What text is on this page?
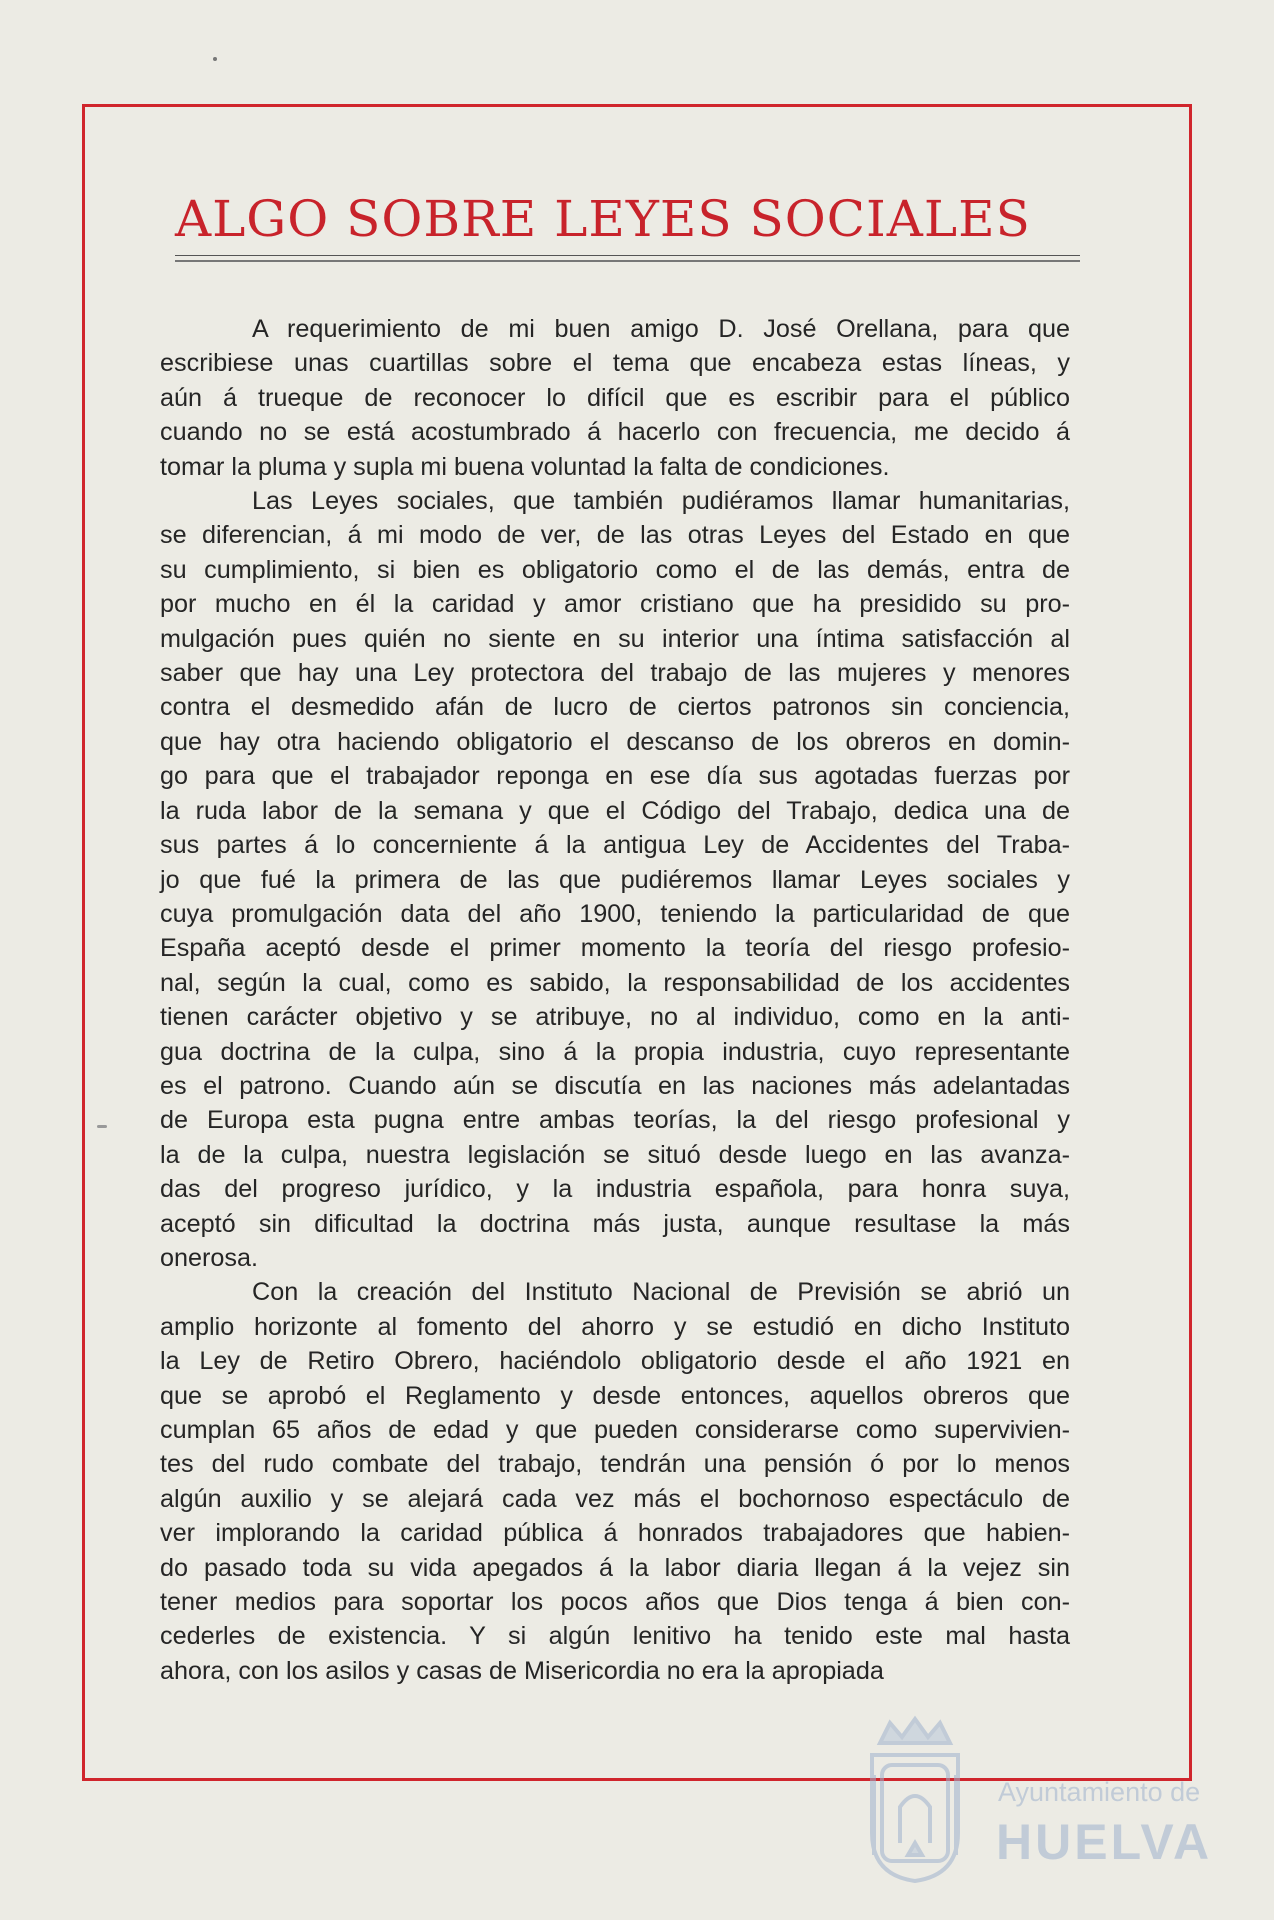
ALGO SOBRE LEYES SOCIALES
A requerimiento de mi buen amigo D. José Orellana, para que
escribiese unas cuartillas sobre el tema que encabeza estas líneas, y
aún á trueque de reconocer lo difícil que es escribir para el público
cuando no se está acostumbrado á hacerlo con frecuencia, me decido á
tomar la pluma y supla mi buena voluntad la falta de condiciones.
Las Leyes sociales, que también pudiéramos llamar humanitarias,
se diferencian, á mi modo de ver, de las otras Leyes del Estado en que
su cumplimiento, si bien es obligatorio como el de las demás, entra de
por mucho en él la caridad y amor cristiano que ha presidido su pro-
mulgación pues quién no siente en su interior una íntima satisfacción al
saber que hay una Ley protectora del trabajo de las mujeres y menores
contra el desmedido afán de lucro de ciertos patronos sin conciencia,
que hay otra haciendo obligatorio el descanso de los obreros en domin-
go para que el trabajador reponga en ese día sus agotadas fuerzas por
la ruda labor de la semana y que el Código del Trabajo, dedica una de
sus partes á lo concerniente á la antigua Ley de Accidentes del Traba-
jo que fué la primera de las que pudiéremos llamar Leyes sociales y
cuya promulgación data del año 1900, teniendo la particularidad de que
España aceptó desde el primer momento la teoría del riesgo profesio-
nal, según la cual, como es sabido, la responsabilidad de los accidentes
tienen carácter objetivo y se atribuye, no al individuo, como en la anti-
gua doctrina de la culpa, sino á la propia industria, cuyo representante
es el patrono. Cuando aún se discutía en las naciones más adelantadas
de Europa esta pugna entre ambas teorías, la del riesgo profesional y
la de la culpa, nuestra legislación se situó desde luego en las avanza-
das del progreso jurídico, y la industria española, para honra suya,
aceptó sin dificultad la doctrina más justa, aunque resultase la más
onerosa.
Con la creación del Instituto Nacional de Previsión se abrió un
amplio horizonte al fomento del ahorro y se estudió en dicho Instituto
la Ley de Retiro Obrero, haciéndolo obligatorio desde el año 1921 en
que se aprobó el Reglamento y desde entonces, aquellos obreros que
cumplan 65 años de edad y que pueden considerarse como supervivien-
tes del rudo combate del trabajo, tendrán una pensión ó por lo menos
algún auxilio y se alejará cada vez más el bochornoso espectáculo de
ver implorando la caridad pública á honrados trabajadores que habien-
do pasado toda su vida apegados á la labor diaria llegan á la vejez sin
tener medios para soportar los pocos años que Dios tenga á bien con-
cederles de existencia. Y si algún lenitivo ha tenido este mal hasta
ahora, con los asilos y casas de Misericordia no era la apropiada
Ayuntamiento de
HUELVA
